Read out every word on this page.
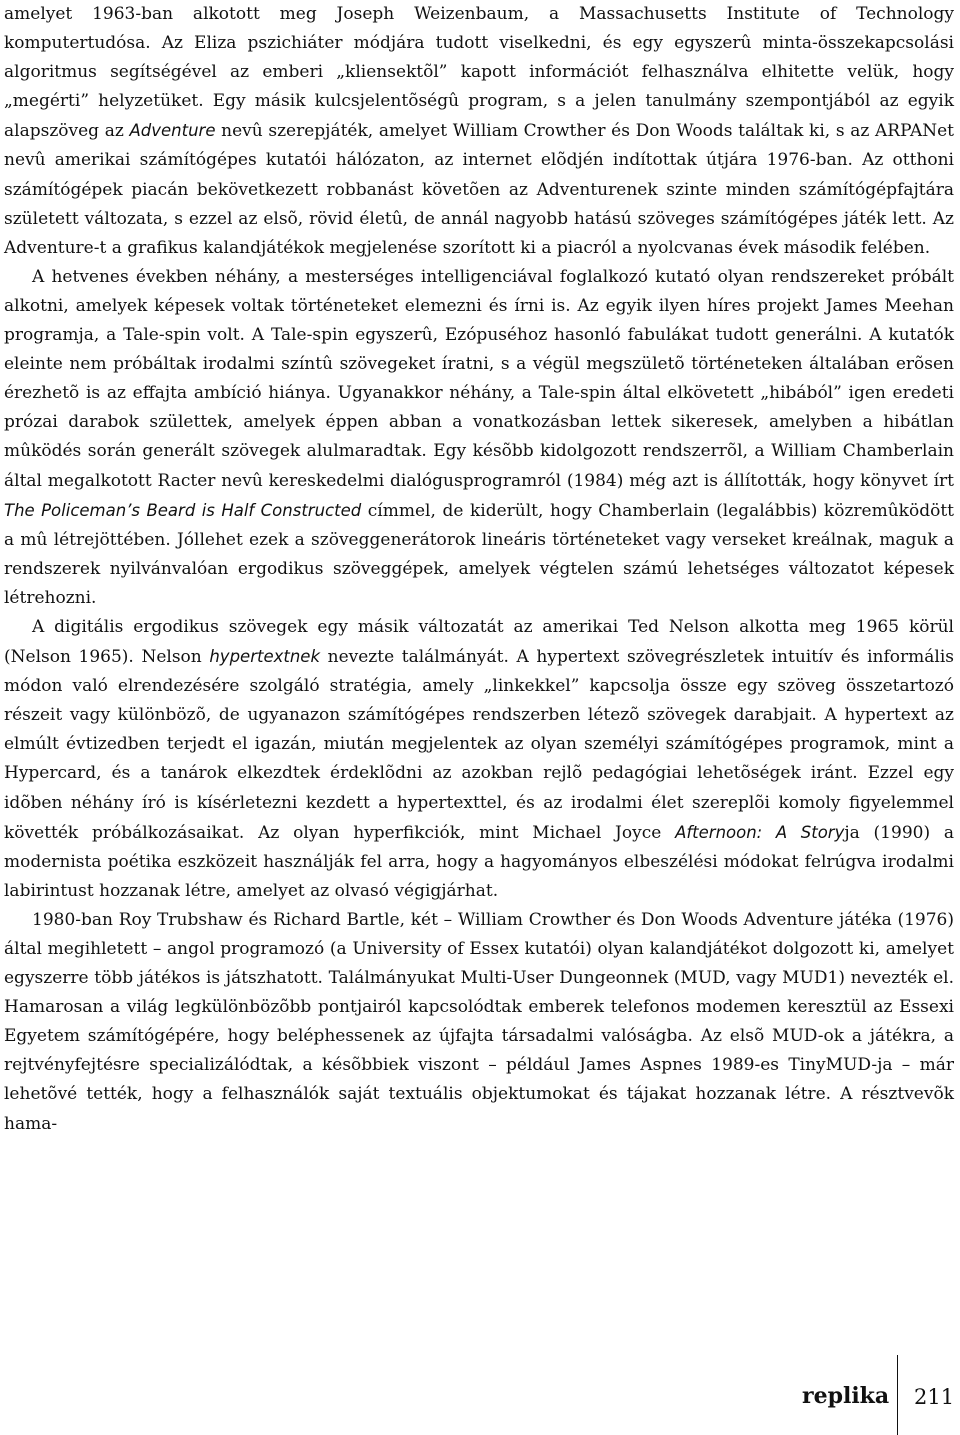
amelyet 1963-ban alkotott meg Joseph Weizenbaum, a Massachusetts Institute of Technology komputertudósa. Az Eliza pszichiáter módjára tudott viselkedni, és egy egyszerû minta-összekapcsolási algoritmus segítségével az emberi „kliensektõl” kapott információt felhasználva elhitette velük, hogy „megérti” helyzetüket. Egy másik kulcsjelentõségû program, s a jelen tanulmány szempontjából az egyik alapszöveg az Adventure nevû szerepjáték, amelyet William Crowther és Don Woods találtak ki, s az ARPANet nevû amerikai számítógépes kutatói hálózaton, az internet elõdjén indítottak útjára 1976-ban. Az otthoni számítógépek piacán bekövetkezett robbanást követõen az Adventurenek szinte minden számítógépfajtára született változata, s ezzel az elsõ, rövid életû, de annál nagyobb hatású szöveges számítógépes játék lett. Az Adventure-t a grafikus kalandjátékok megjelenése szorított ki a piacról a nyolcvanas évek második felében.

A hetvenes években néhány, a mesterséges intelligenciával foglalkozó kutató olyan rendszereket próbált alkotni, amelyek képesek voltak történeteket elemezni és írni is. Az egyik ilyen híres projekt James Meehan programja, a Tale-spin volt. A Tale-spin egyszerû, Ezópuséhoz hasonló fabulákat tudott generálni. A kutatók eleinte nem próbáltak irodalmi színtû szövegeket íratni, s a végül megszületõ történeteken általában erõsen érezhetõ is az effajta ambíció hiánya. Ugyanakkor néhány, a Tale-spin által elkövetett „hibából” igen eredeti prózai darabok születtek, amelyek éppen abban a vonatkozásban lettek sikeresek, amelyben a hibátlan mûködés során generált szövegek alulmaradtak. Egy késõbb kidolgozott rendszerrõl, a William Chamberlain által megalkotott Racter nevû kereskedelmi dialógusprogramról (1984) még azt is állították, hogy könyvet írt The Policeman’s Beard is Half Constructed címmel, de kiderült, hogy Chamberlain (legalábbis) közremûködött a mû létrejöttében. Jóllehet ezek a szöveggenerátorok lineáris történeteket vagy verseket kreálnak, maguk a rendszerek nyilvánvalóan ergodikus szöveggépek, amelyek végtelen számú lehetséges változatot képesek létrehozni.

A digitális ergodikus szövegek egy másik változatát az amerikai Ted Nelson alkotta meg 1965 körül (Nelson 1965). Nelson hypertextnek nevezte találmányát. A hypertext szövegrészletek intuitív és informális módon való elrendezésére szolgáló stratégia, amely „linkekkel” kapcsolja össze egy szöveg összetartozó részeit vagy különbözõ, de ugyanazon számítógépes rendszerben létezõ szövegek darabjait. A hypertext az elmúlt évtizedben terjedt el igazán, miután megjelentek az olyan személyi számítógépes programok, mint a Hypercard, és a tanárok elkezdtek érdeklõdni az azokban rejlõ pedagógiai lehetõségek iránt. Ezzel egy idõben néhány író is kísérletezni kezdett a hypertexttel, és az irodalmi élet szereplõi komoly figyelemmel követték próbálkozásaikat. Az olyan hyperfikciók, mint Michael Joyce Afternoon: A Storyja (1990) a modernista poétika eszközeit használják fel arra, hogy a hagyományos elbeszélési módokat felrúgva irodalmi labirintust hozzanak létre, amelyet az olvasó végigjárhat.

1980-ban Roy Trubshaw és Richard Bartle, két – William Crowther és Don Woods Adventure játéka (1976) által megihletett – angol programozó (a University of Essex kutatói) olyan kalandjátékot dolgozott ki, amelyet egyszerre több játékos is játszhatott. Találmányukat Multi-User Dungeonnek (MUD, vagy MUD1) nevezték el. Hamarosan a világ legkülönbözõbb pontjairól kapcsolódtak emberek telefonos modemen keresztül az Essexi Egyetem számítógépére, hogy beléphessenek az újfajta társadalmi valóságba. Az elsõ MUD-ok a játékra, a rejtvényfejtésre specializálódtak, a késõbbiek viszont – például James Aspnes 1989-es TinyMUD-ja – már lehetõvé tették, hogy a felhasználók saját textuális objektumokat és tájakat hozzanak létre. A résztvevõk hama-

replika 211
